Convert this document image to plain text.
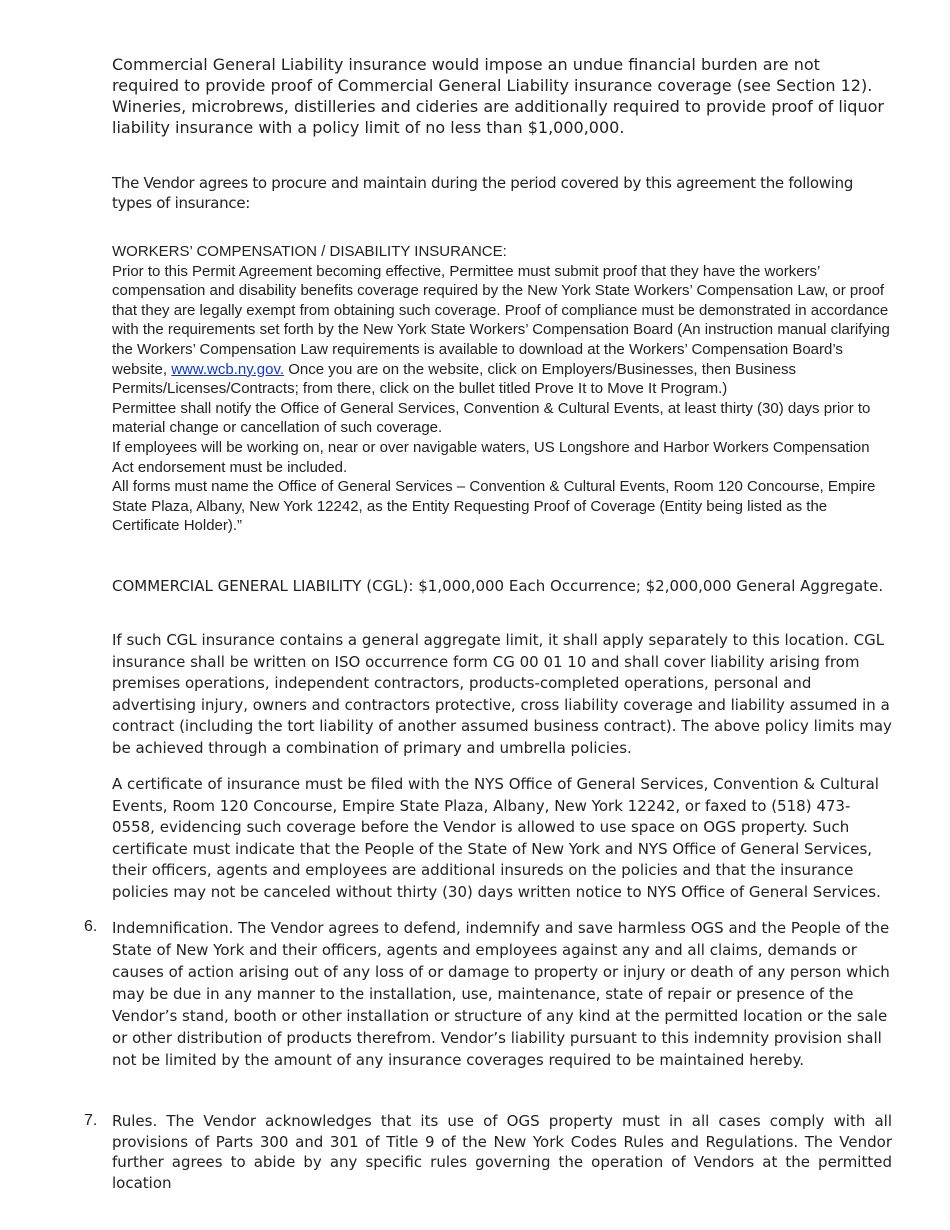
Commercial General Liability insurance would impose an undue financial burden are not required to provide proof of Commercial General Liability insurance coverage (see Section 12). Wineries, microbrews, distilleries and cideries are additionally required to provide proof of liquor liability insurance with a policy limit of no less than $1,000,000.

The Vendor agrees to procure and maintain during the period covered by this agreement the following types of insurance:

WORKERS’ COMPENSATION / DISABILITY INSURANCE:
Prior to this Permit Agreement becoming effective, Permittee must submit proof that they have the workers’ compensation and disability benefits coverage required by the New York State Workers’ Compensation Law, or proof that they are legally exempt from obtaining such coverage. Proof of compliance must be demonstrated in accordance with the requirements set forth by the New York State Workers’ Compensation Board (An instruction manual clarifying the Workers’ Compensation Law requirements is available to download at the Workers’ Compensation Board’s website, www.wcb.ny.gov. Once you are on the website, click on Employers/Businesses, then Business Permits/Licenses/Contracts; from there, click on the bullet titled Prove It to Move It Program.)
Permittee shall notify the Office of General Services, Convention & Cultural Events, at least thirty (30) days prior to material change or cancellation of such coverage.
If employees will be working on, near or over navigable waters, US Longshore and Harbor Workers Compensation Act endorsement must be included.
All forms must name the Office of General Services – Convention & Cultural Events, Room 120 Concourse, Empire State Plaza, Albany, New York 12242, as the Entity Requesting Proof of Coverage (Entity being listed as the Certificate Holder).”

COMMERCIAL GENERAL LIABILITY (CGL): $1,000,000 Each Occurrence; $2,000,000 General Aggregate.

If such CGL insurance contains a general aggregate limit, it shall apply separately to this location. CGL insurance shall be written on ISO occurrence form CG 00 01 10 and shall cover liability arising from premises operations, independent contractors, products-completed operations, personal and advertising injury, owners and contractors protective, cross liability coverage and liability assumed in a contract (including the tort liability of another assumed business contract). The above policy limits may be achieved through a combination of primary and umbrella policies.

A certificate of insurance must be filed with the NYS Office of General Services, Convention & Cultural Events, Room 120 Concourse, Empire State Plaza, Albany, New York 12242, or faxed to (518) 473-0558, evidencing such coverage before the Vendor is allowed to use space on OGS property. Such certificate must indicate that the People of the State of New York and NYS Office of General Services, their officers, agents and employees are additional insureds on the policies and that the insurance policies may not be canceled without thirty (30) days written notice to NYS Office of General Services.

6. Indemnification. The Vendor agrees to defend, indemnify and save harmless OGS and the People of the State of New York and their officers, agents and employees against any and all claims, demands or causes of action arising out of any loss of or damage to property or injury or death of any person which may be due in any manner to the installation, use, maintenance, state of repair or presence of the Vendor’s stand, booth or other installation or structure of any kind at the permitted location or the sale or other distribution of products therefrom. Vendor’s liability pursuant to this indemnity provision shall not be limited by the amount of any insurance coverages required to be maintained hereby.

7. Rules. The Vendor acknowledges that its use of OGS property must in all cases comply with all provisions of Parts 300 and 301 of Title 9 of the New York Codes Rules and Regulations. The Vendor further agrees to abide by any specific rules governing the operation of Vendors at the permitted location
